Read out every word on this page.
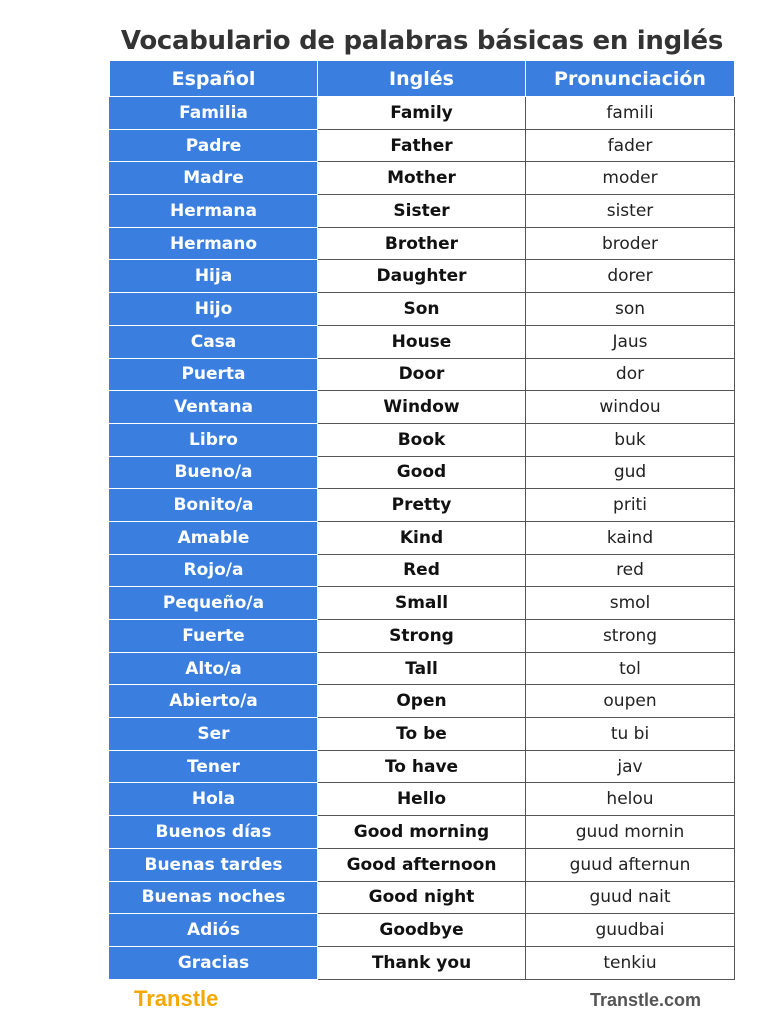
Vocabulario de palabras básicas en inglés
Español	Inglés	Pronunciación
Familia	Family	famili
Padre	Father	fader
Madre	Mother	moder
Hermana	Sister	sister
Hermano	Brother	broder
Hija	Daughter	dorer
Hijo	Son	son
Casa	House	Jaus
Puerta	Door	dor
Ventana	Window	windou
Libro	Book	buk
Bueno/a	Good	gud
Bonito/a	Pretty	priti
Amable	Kind	kaind
Rojo/a	Red	red
Pequeño/a	Small	smol
Fuerte	Strong	strong
Alto/a	Tall	tol
Abierto/a	Open	oupen
Ser	To be	tu bi
Tener	To have	jav
Hola	Hello	helou
Buenos días	Good morning	guud mornin
Buenas tardes	Good afternoon	guud afternun
Buenas noches	Good night	guud nait
Adiós	Goodbye	guudbai
Gracias	Thank you	tenkiu
Transtle	Transtle.com
